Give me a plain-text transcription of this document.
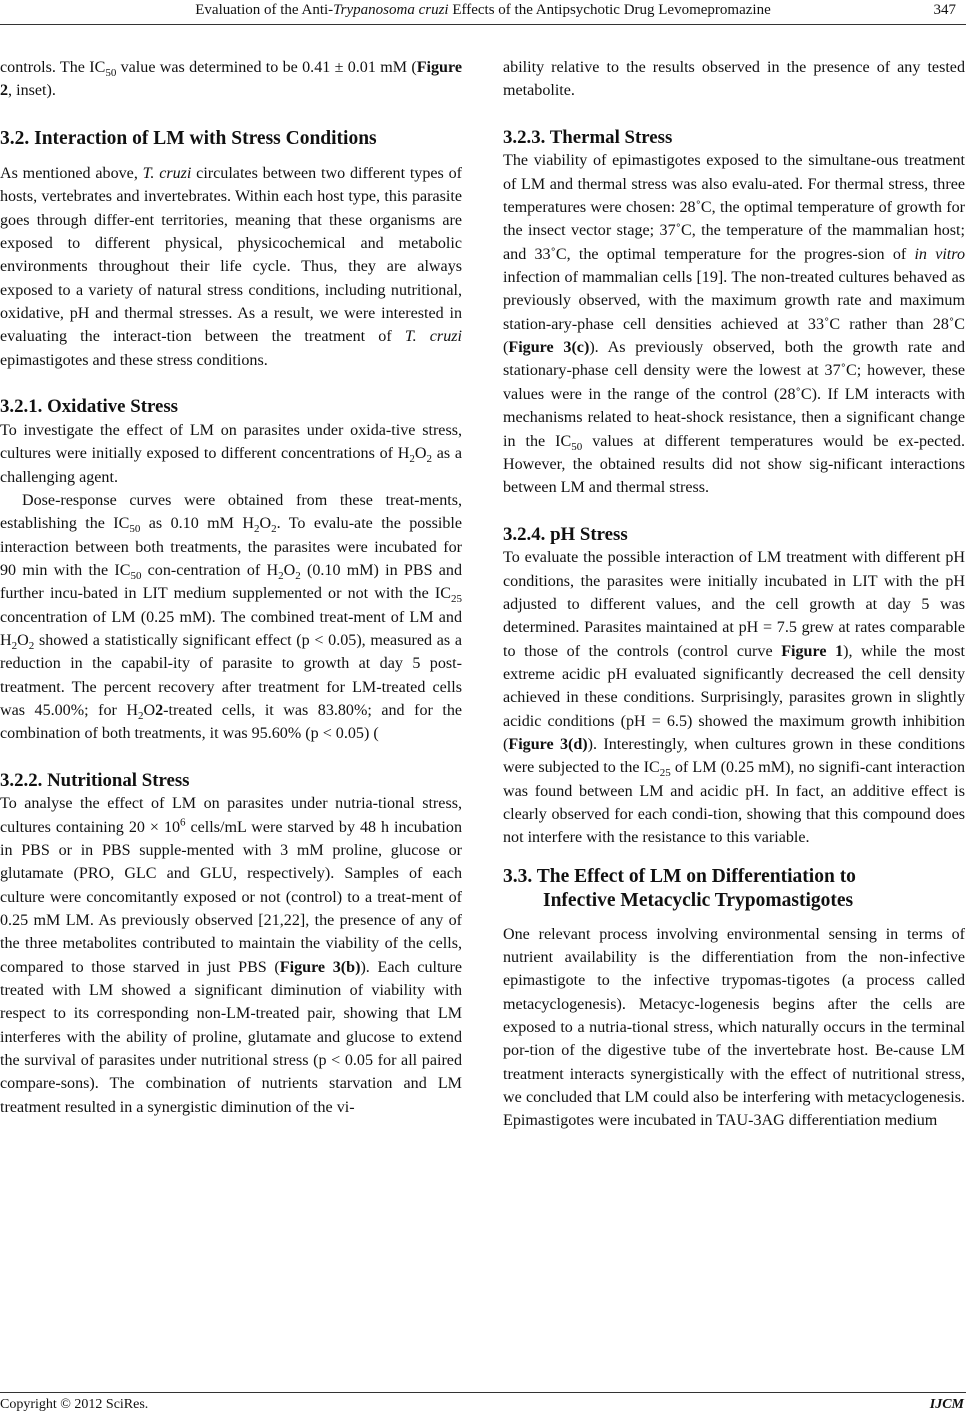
Evaluation of the Anti-Trypanosoma cruzi Effects of the Antipsychotic Drug Levomepromazine	347

controls. The $IC_{50}$ value was determined to be 0.41 ± 0.01 mM (Figure 2, inset).

3.2. Interaction of LM with Stress Conditions

As mentioned above, T. cruzi circulates between two different types of hosts, vertebrates and invertebrates. Within each host type, this parasite goes through differ-ent territories, meaning that these organisms are exposed to different physical, physicochemical and metabolic environments throughout their life cycle. Thus, they are always exposed to a variety of natural stress conditions, including nutritional, oxidative, pH and thermal stresses. As a result, we were interested in evaluating the interact-tion between the treatment of T. cruzi epimastigotes and these stress conditions.

3.2.1. Oxidative Stress

To investigate the effect of LM on parasites under oxida-tive stress, cultures were initially exposed to different concentrations of $H_2O_2$ as a challenging agent.

Dose-response curves were obtained from these treat-ments, establishing the $IC_{50}$ as 0.10 mM $H_2O_2$. To evalu-ate the possible interaction between both treatments, the parasites were incubated for 90 min with the $IC_{50}$ con-centration of $H_2O_2$ (0.10 mM) in PBS and further incu-bated in LIT medium supplemented or not with the $IC_{25}$ concentration of LM (0.25 mM). The combined treat-ment of LM and $H_2O_2$ showed a statistically significant effect (p < 0.05), measured as a reduction in the capabil-ity of parasite to growth at day 5 post-treatment. The percent recovery after treatment for LM-treated cells was 45.00%; for $H_2O2$-treated cells, it was 83.80%; and for the combination of both treatments, it was 95.60% (p < 0.05) (

3.2.2. Nutritional Stress

To analyse the effect of LM on parasites under nutria-tional stress, cultures containing $20 \times 10^6$ cells/mL were starved by 48 h incubation in PBS or in PBS supple-mented with 3 mM proline, glucose or glutamate (PRO, GLC and GLU, respectively). Samples of each culture were concomitantly exposed or not (control) to a treat-ment of 0.25 mM LM. As previously observed [21,22], the presence of any of the three metabolites contributed to maintain the viability of the cells, compared to those starved in just PBS (Figure 3(b)). Each culture treated with LM showed a significant diminution of viability with respect to its corresponding non-LM-treated pair, showing that LM interferes with the ability of proline, glutamate and glucose to extend the survival of parasites under nutritional stress (p < 0.05 for all paired compare-sons). The combination of nutrients starvation and LM treatment resulted in a synergistic diminution of the vi-

ability relative to the results observed in the presence of any tested metabolite.

3.2.3. Thermal Stress

The viability of epimastigotes exposed to the simultane-ous treatment of LM and thermal stress was also evalu-ated. For thermal stress, three temperatures were chosen: 28˚C, the optimal temperature of growth for the insect vector stage; 37˚C, the temperature of the mammalian host; and 33˚C, the optimal temperature for the progres-sion of in vitro infection of mammalian cells [19]. The non-treated cultures behaved as previously observed, with the maximum growth rate and maximum station-ary-phase cell densities achieved at 33˚C rather than 28˚C (Figure 3(c)). As previously observed, both the growth rate and stationary-phase cell density were the lowest at 37˚C; however, these values were in the range of the control (28˚C). If LM interacts with mechanisms related to heat-shock resistance, then a significant change in the $IC_{50}$ values at different temperatures would be ex-pected. However, the obtained results did not show sig-nificant interactions between LM and thermal stress.

3.2.4. pH Stress

To evaluate the possible interaction of LM treatment with different pH conditions, the parasites were initially incubated in LIT with the pH adjusted to different values, and the cell growth at day 5 was determined. Parasites maintained at pH = 7.5 grew at rates comparable to those of the controls (control curve Figure 1), while the most extreme acidic pH evaluated significantly decreased the cell density achieved in these conditions. Surprisingly, parasites grown in slightly acidic conditions (pH = 6.5) showed the maximum growth inhibition (Figure 3(d)). Interestingly, when cultures grown in these conditions were subjected to the $IC_{25}$ of LM (0.25 mM), no signifi-cant interaction was found between LM and acidic pH. In fact, an additive effect is clearly observed for each condi-tion, showing that this compound does not interfere with the resistance to this variable.

3.3. The Effect of LM on Differentiation to
Infective Metacyclic Trypomastigotes

One relevant process involving environmental sensing in terms of nutrient availability is the differentiation from the non-infective epimastigote to the infective trypomas-tigotes (a process called metacyclogenesis). Metacyc-logenesis begins after the cells are exposed to a nutria-tional stress, which naturally occurs in the terminal por-tion of the digestive tube of the invertebrate host. Be-cause LM treatment interacts synergistically with the effect of nutritional stress, we concluded that LM could also be interfering with metacyclogenesis. Epimastigotes were incubated in TAU-3AG differentiation medium

Copyright © 2012 SciRes.	IJCM
